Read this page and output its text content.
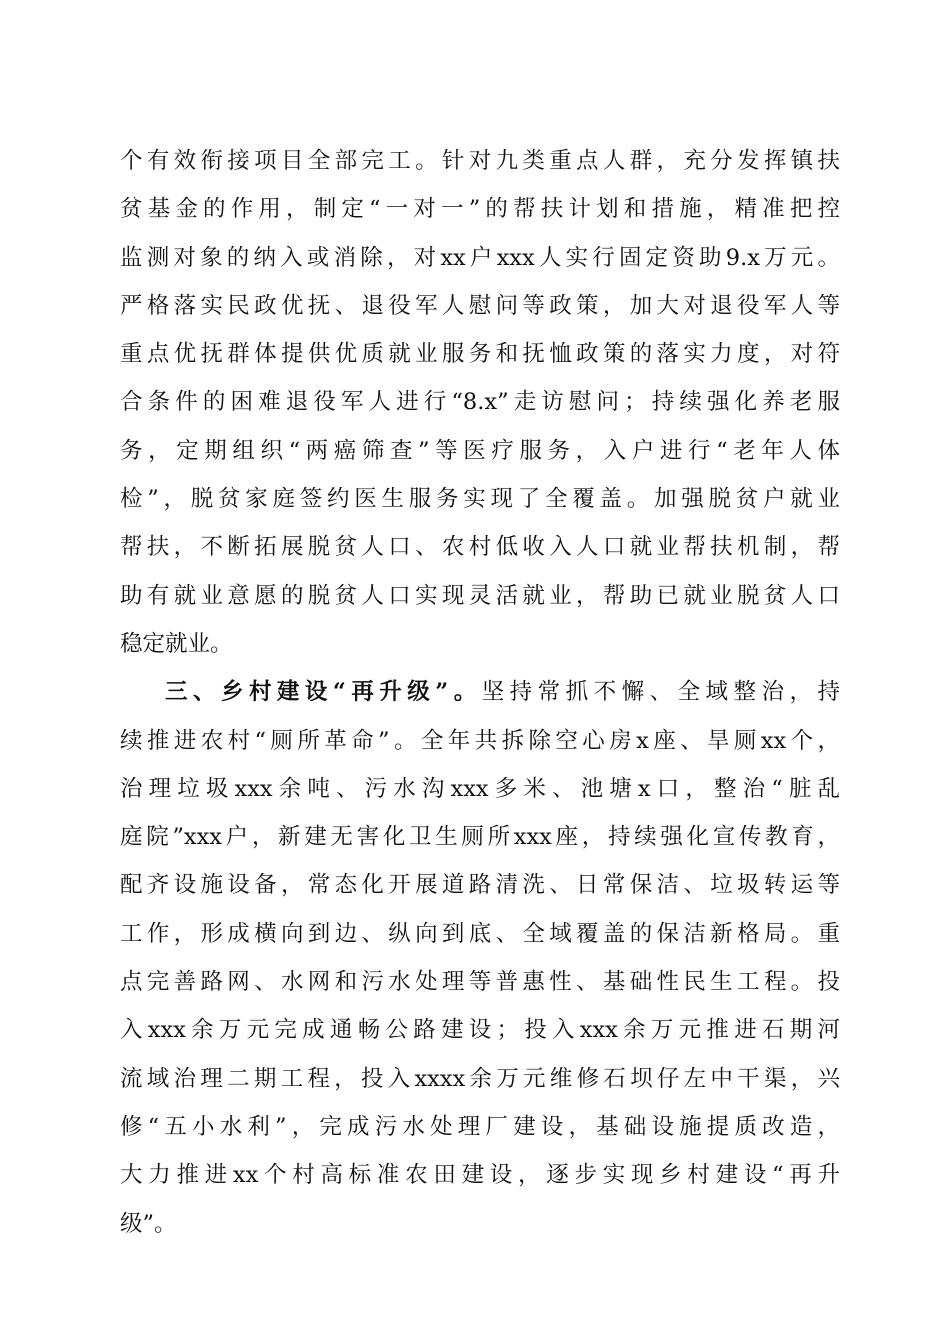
个有效衔接项目全部完工。针对九类重点人群，充分发挥镇扶
贫基金的作用，制定“一对一”的帮扶计划和措施，精准把控
监测对象的纳入或消除，对xx户xxx人实行固定资助9.x万元。
严格落实民政优抚、退役军人慰问等政策，加大对退役军人等
重点优抚群体提供优质就业服务和抚恤政策的落实力度，对符
合条件的困难退役军人进行“8.x”走访慰问；持续强化养老服
务，定期组织“两癌筛查”等医疗服务，入户进行“老年人体
检”，脱贫家庭签约医生服务实现了全覆盖。加强脱贫户就业
帮扶，不断拓展脱贫人口、农村低收入人口就业帮扶机制，帮
助有就业意愿的脱贫人口实现灵活就业，帮助已就业脱贫人口
稳定就业。
三、乡村建设“再升级”。坚持常抓不懈、全域整治，持
续推进农村“厕所革命”。全年共拆除空心房x座、旱厕xx个，
治理垃圾xxx余吨、污水沟xxx多米、池塘x口，整治“脏乱
庭院”xxx户，新建无害化卫生厕所xxx座，持续强化宣传教育，
配齐设施设备，常态化开展道路清洗、日常保洁、垃圾转运等
工作，形成横向到边、纵向到底、全域覆盖的保洁新格局。重
点完善路网、水网和污水处理等普惠性、基础性民生工程。投
入xxx余万元完成通畅公路建设；投入xxx余万元推进石期河
流域治理二期工程，投入xxxx余万元维修石坝仔左中干渠，兴
修“五小水利”，完成污水处理厂建设，基础设施提质改造，
大力推进xx个村高标准农田建设，逐步实现乡村建设“再升
级”。
